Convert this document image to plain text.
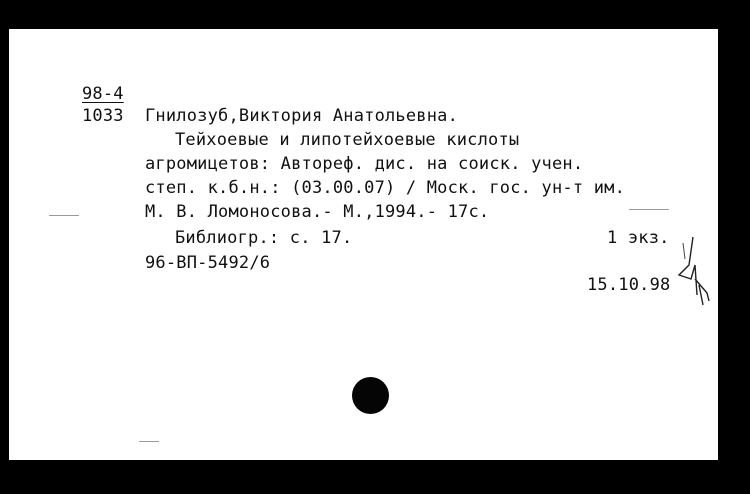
98-4
1033 Гнилозуб,Виктория Анатольевна.
Тейхоевые и липотейхоевые кислоты
агромицетов: Автореф. дис. на соиск. учен.
степ. к.б.н.: (03.00.07) / Моск. гос. ун-т им.
М. В. Ломоносова.- М.,1994.- 17с.
Библиогр.: с. 17.	1 экз.
96-ВП-5492/6
15.10.98
